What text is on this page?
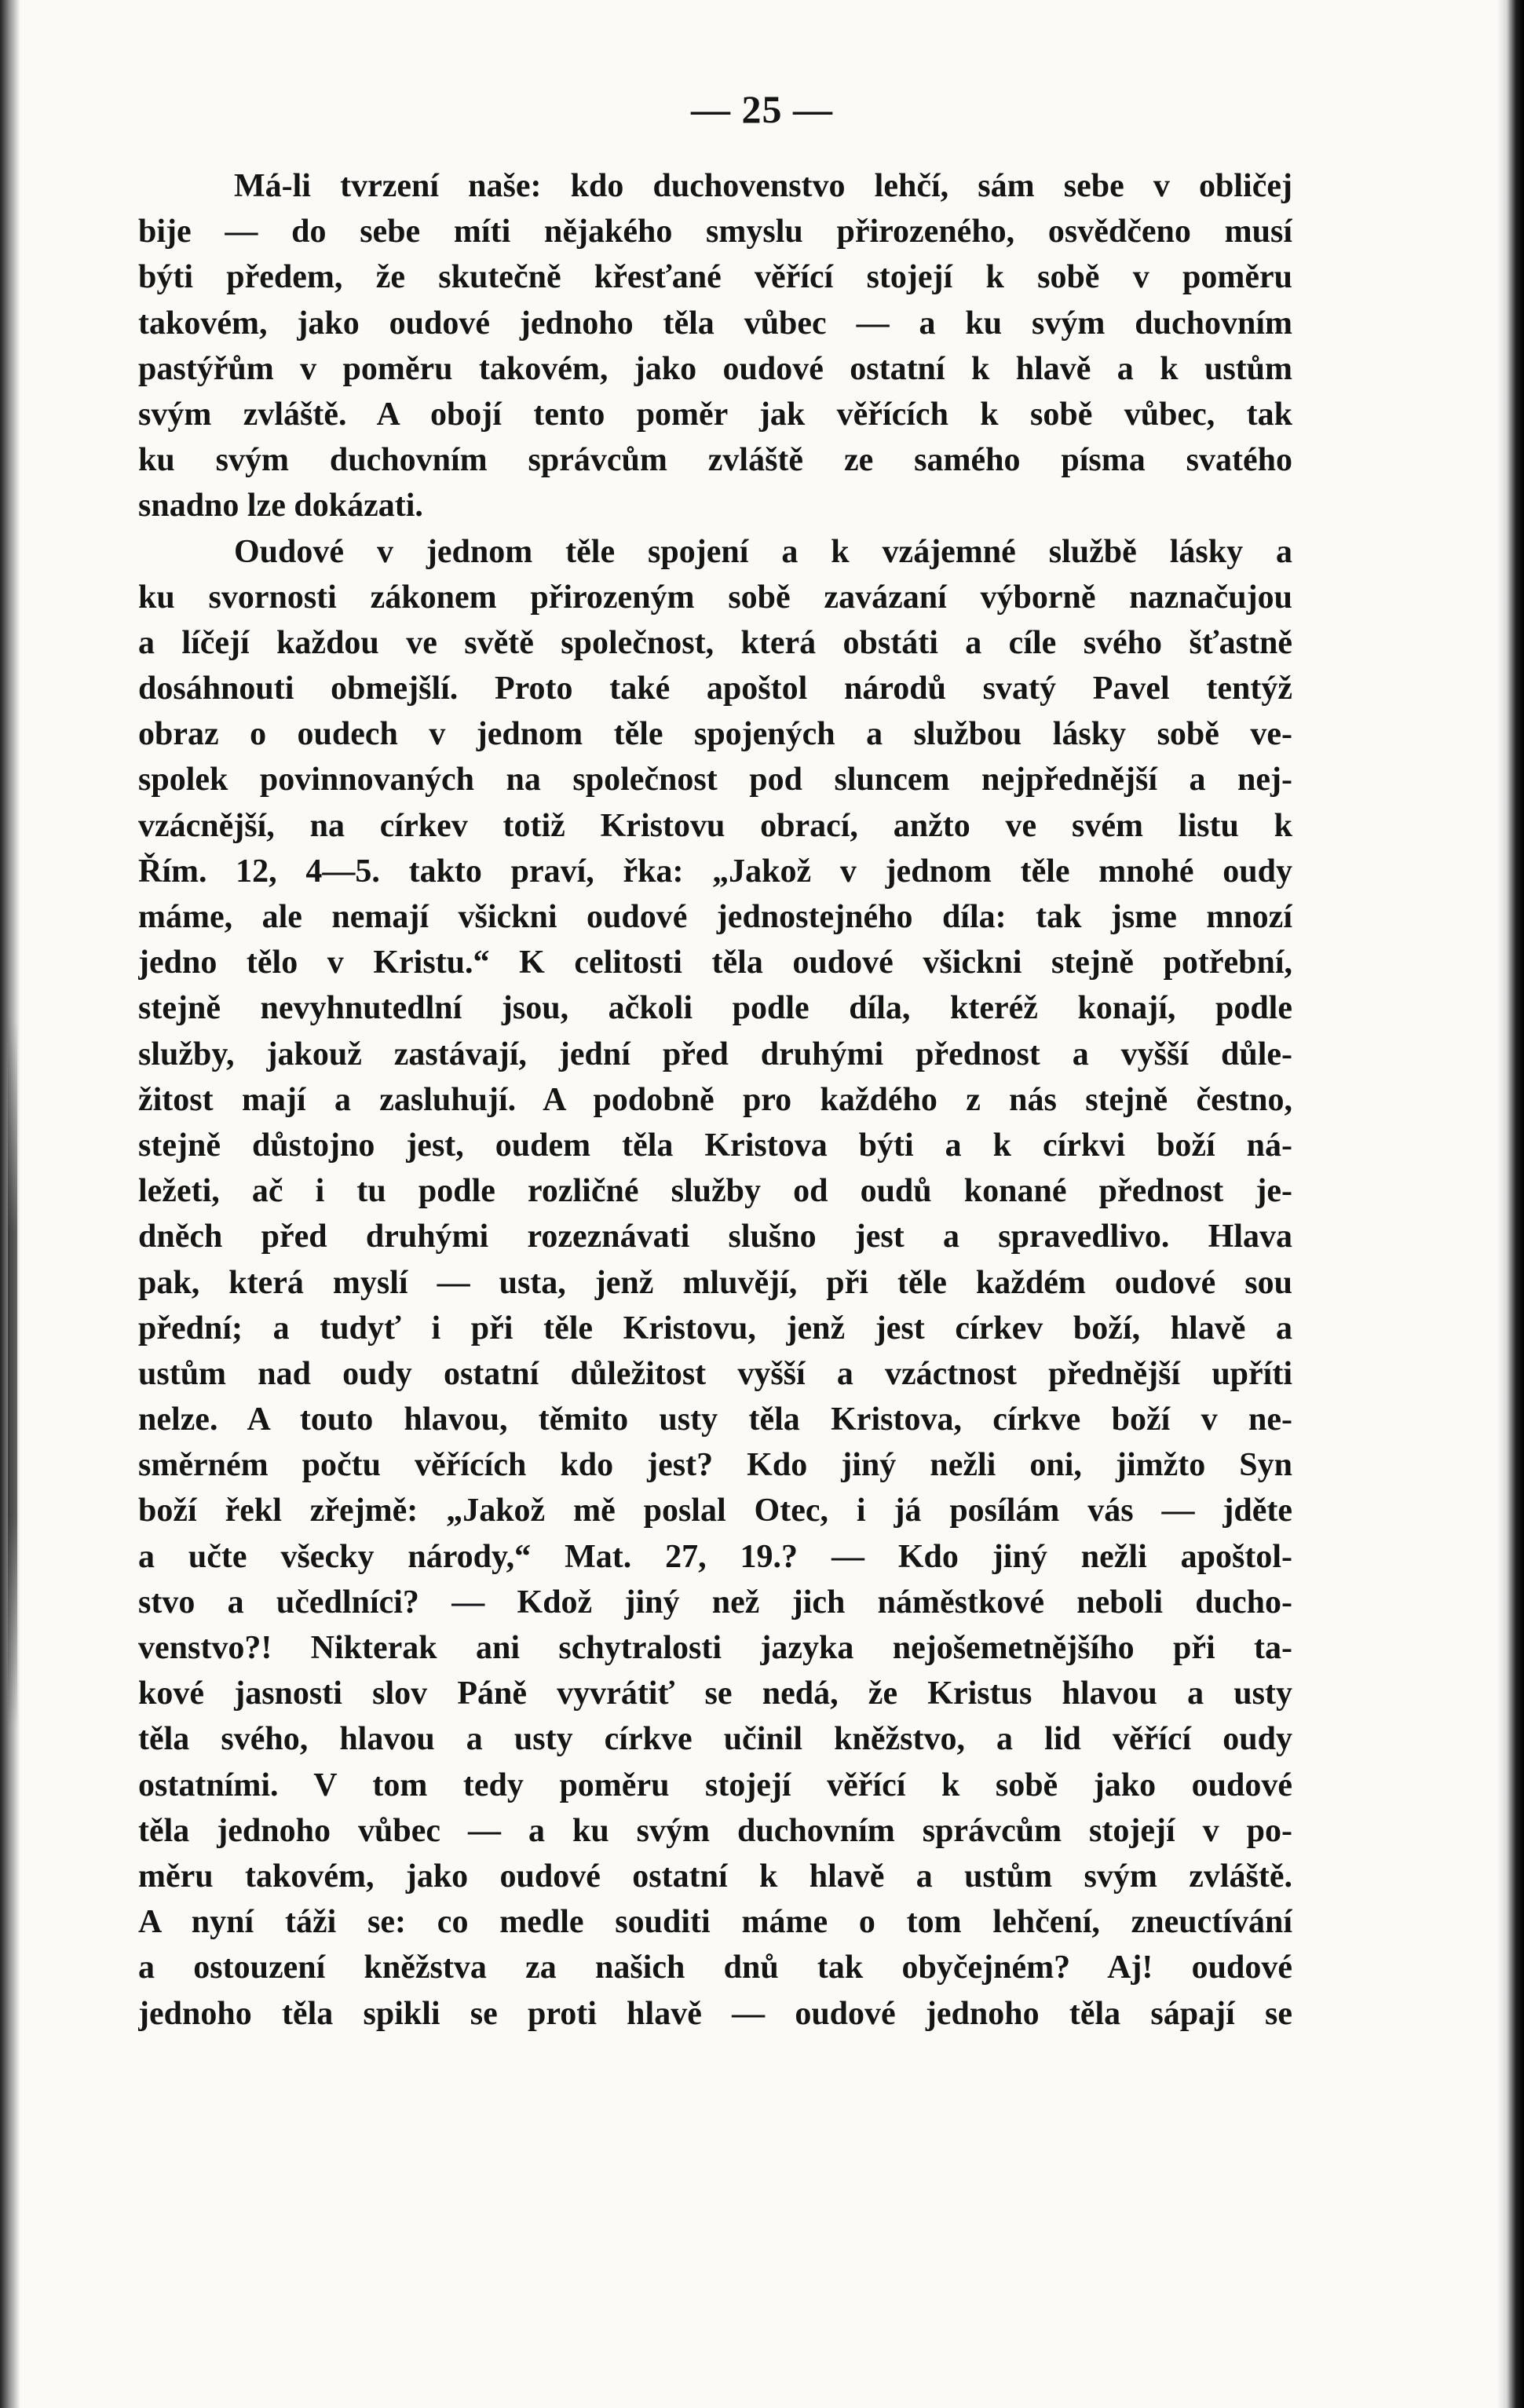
— 25 —
Má-li tvrzení naše: kdo duchovenstvo lehčí, sám sebe v obličej
bije — do sebe míti nějakého smyslu přirozeného, osvědčeno musí
býti předem, že skutečně křesťané věřící stojejí k sobě v poměru
takovém, jako oudové jednoho těla vůbec — a ku svým duchovním
pastýřům v poměru takovém, jako oudové ostatní k hlavě a k ustům
svým zvláště. A obojí tento poměr jak věřících k sobě vůbec, tak
ku svým duchovním správcům zvláště ze samého písma svatého
snadno lze dokázati.
Oudové v jednom těle spojení a k vzájemné službě lásky a
ku svornosti zákonem přirozeným sobě zavázaní výborně naznačujou
a líčejí každou ve světě společnost, která obstáti a cíle svého šťastně
dosáhnouti obmejšlí. Proto také apoštol národů svatý Pavel tentýž
obraz o oudech v jednom těle spojených a službou lásky sobě ve-
spolek povinnovaných na společnost pod sluncem nejpřednější a nej-
vzácnější, na církev totiž Kristovu obrací, anžto ve svém listu k
Řím. 12, 4—5. takto praví, řka: „Jakož v jednom těle mnohé oudy
máme, ale nemají všickni oudové jednostejného díla: tak jsme mnozí
jedno tělo v Kristu.“ K celitosti těla oudové všickni stejně potřební,
stejně nevyhnutedlní jsou, ačkoli podle díla, kteréž konají, podle
služby, jakouž zastávají, jední před druhými přednost a vyšší důle-
žitost mají a zasluhují. A podobně pro každého z nás stejně čestno,
stejně důstojno jest, oudem těla Kristova býti a k církvi boží ná-
ležeti, ač i tu podle rozličné služby od oudů konané přednost je-
dněch před druhými rozeznávati slušno jest a spravedlivo. Hlava
pak, která myslí — usta, jenž mluvějí, při těle každém oudové sou
přední; a tudyť i při těle Kristovu, jenž jest církev boží, hlavě a
ustům nad oudy ostatní důležitost vyšší a vzáctnost přednější upříti
nelze. A touto hlavou, těmito usty těla Kristova, církve boží v ne-
směrném počtu věřících kdo jest? Kdo jiný nežli oni, jimžto Syn
boží řekl zřejmě: „Jakož mě poslal Otec, i já posílám vás — jděte
a učte všecky národy,“ Mat. 27, 19.? — Kdo jiný nežli apoštol-
stvo a učedlníci? — Kdož jiný než jich náměstkové neboli ducho-
venstvo?! Nikterak ani schytralosti jazyka nejošemetnějšího při ta-
kové jasnosti slov Páně vyvrátiť se nedá, že Kristus hlavou a usty
těla svého, hlavou a usty církve učinil kněžstvo, a lid věřící oudy
ostatními. V tom tedy poměru stojejí věřící k sobě jako oudové
těla jednoho vůbec — a ku svým duchovním správcům stojejí v po-
měru takovém, jako oudové ostatní k hlavě a ustům svým zvláště.
A nyní táži se: co medle souditi máme o tom lehčení, zneuctívání
a ostouzení kněžstva za našich dnů tak obyčejném? Aj! oudové
jednoho těla spikli se proti hlavě — oudové jednoho těla sápají se
